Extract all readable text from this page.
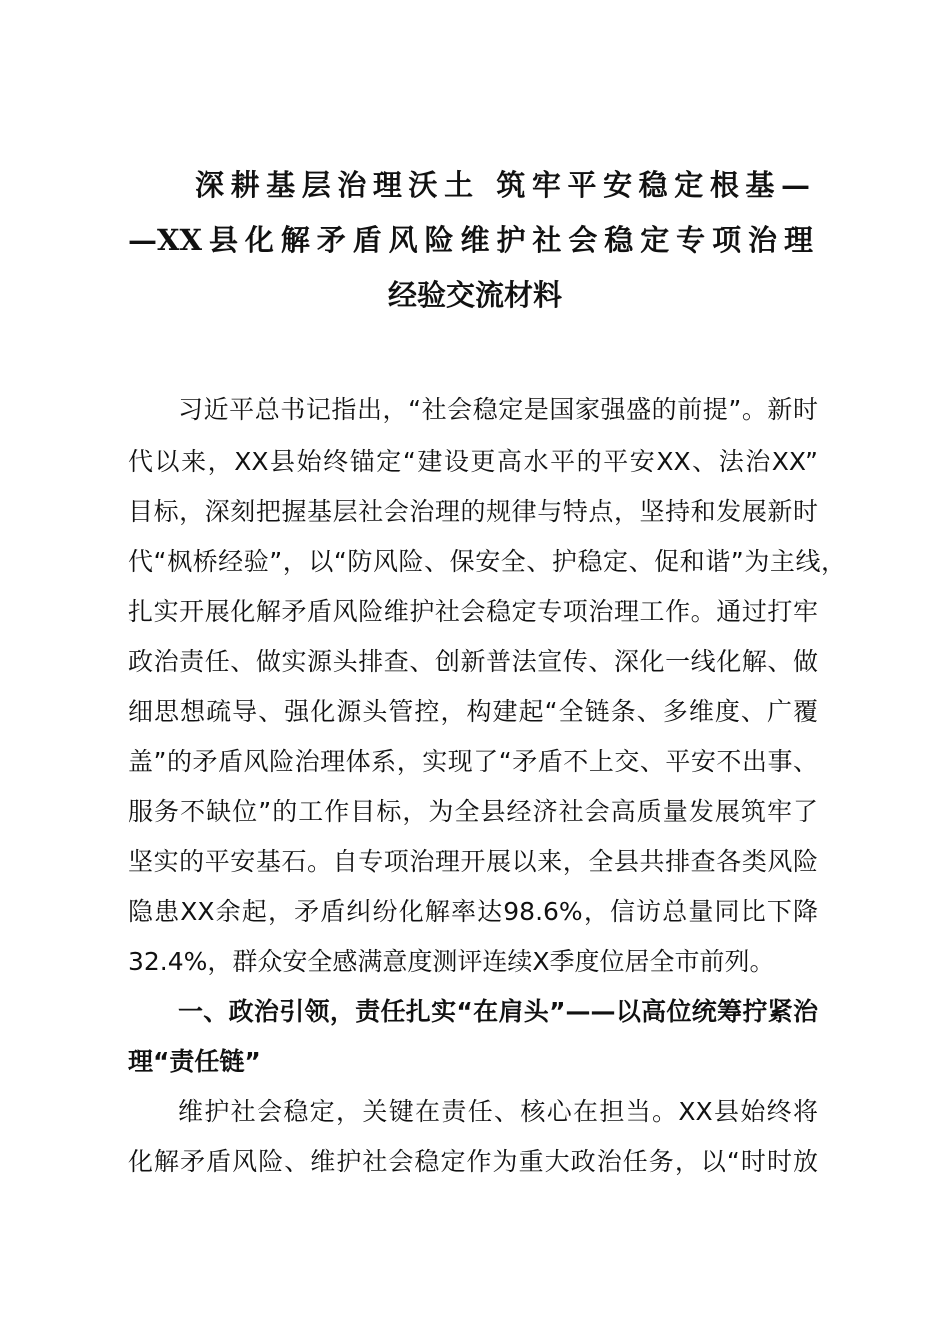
深耕基层治理沃土 筑牢平安稳定根基—
—XX县化解矛盾风险维护社会稳定专项治理
经验交流材料
习近平总书记指出，“社会稳定是国家强盛的前提”。新时
代以来，XX县始终锚定“建设更高水平的平安XX、法治XX”
目标，深刻把握基层社会治理的规律与特点，坚持和发展新时
代“枫桥经验”，以“防风险、保安全、护稳定、促和谐”为主线，
扎实开展化解矛盾风险维护社会稳定专项治理工作。通过打牢
政治责任、做实源头排查、创新普法宣传、深化一线化解、做
细思想疏导、强化源头管控，构建起“全链条、多维度、广覆
盖”的矛盾风险治理体系，实现了“矛盾不上交、平安不出事、
服务不缺位”的工作目标，为全县经济社会高质量发展筑牢了
坚实的平安基石。自专项治理开展以来，全县共排查各类风险
隐患XX余起，矛盾纠纷化解率达98.6%，信访总量同比下降
32.4%，群众安全感满意度测评连续X季度位居全市前列。
一、政治引领，责任扎实“在肩头”——以高位统筹拧紧治
理“责任链”
维护社会稳定，关键在责任、核心在担当。XX县始终将
化解矛盾风险、维护社会稳定作为重大政治任务，以“时时放
